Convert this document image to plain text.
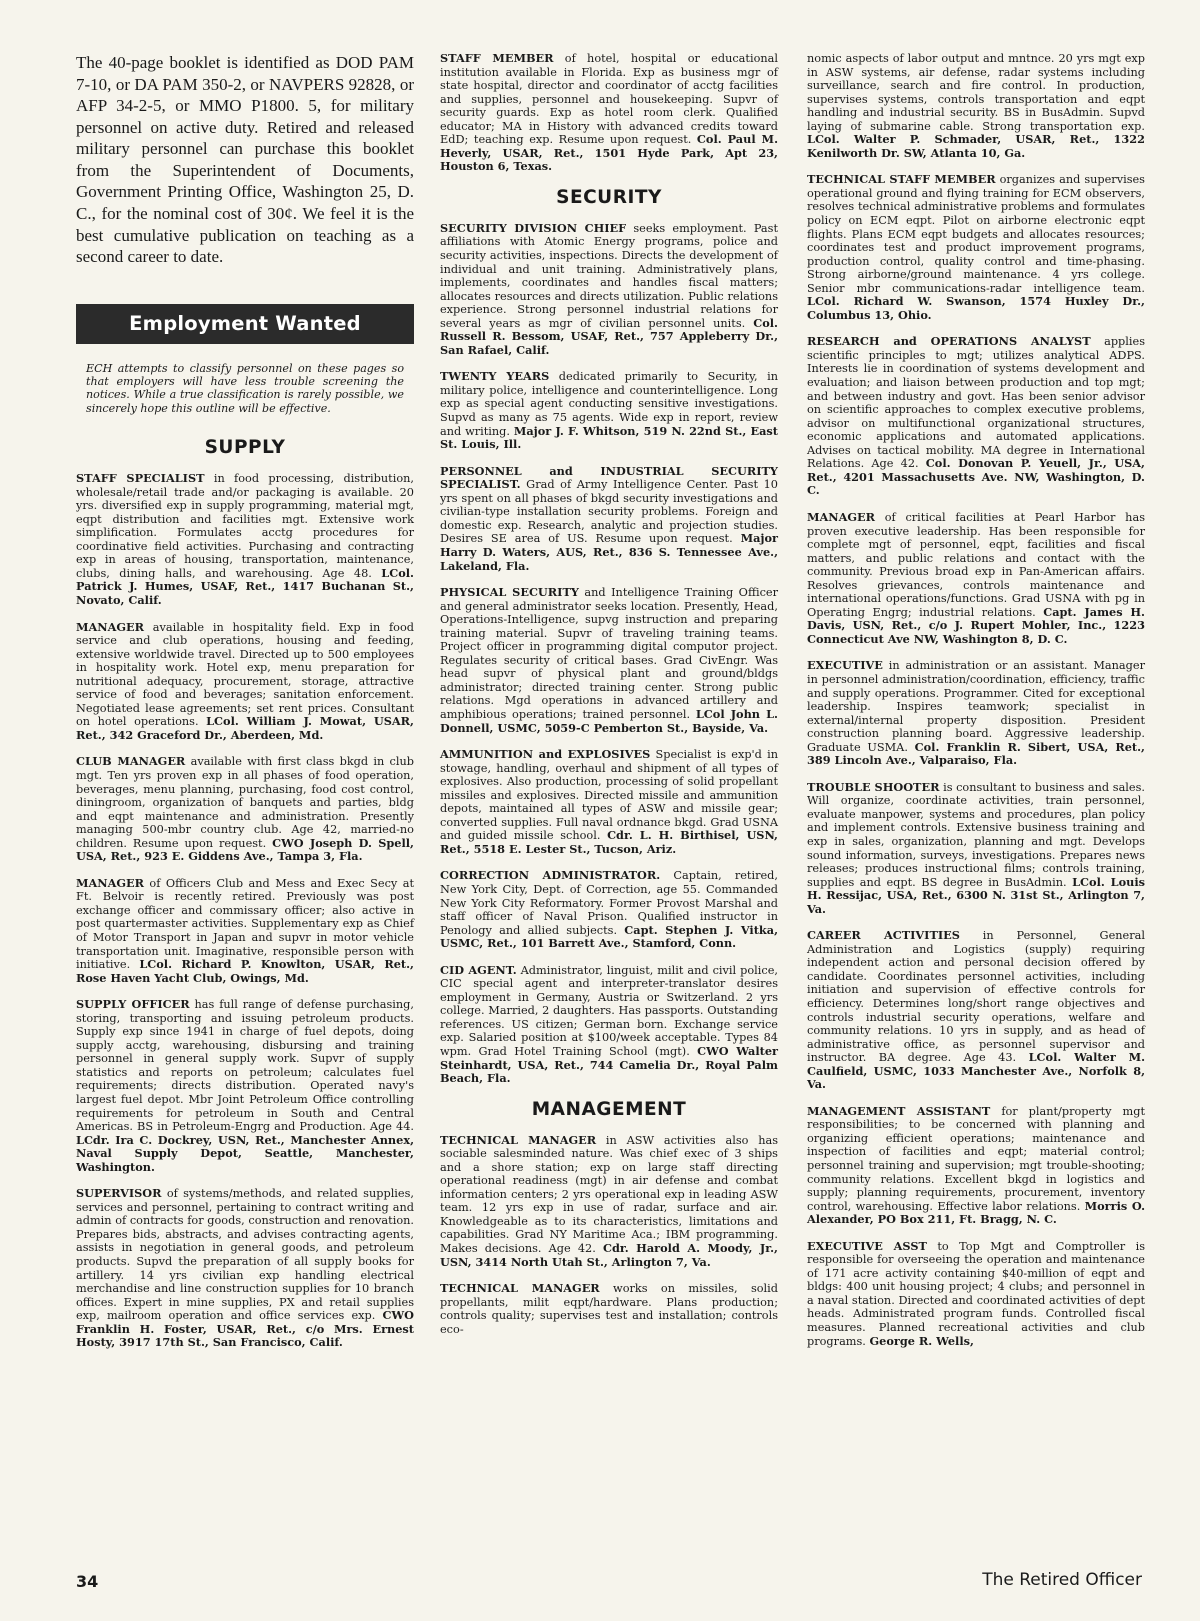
The 40-page booklet is identified as DOD PAM 7-10, or DA PAM 350-2, or NAVPERS 92828, or AFP 34-2-5, or MMO P1800. 5, for military personnel on active duty. Retired and released military personnel can purchase this booklet from the Superintendent of Documents, Government Printing Office, Washington 25, D. C., for the nominal cost of 30¢. We feel it is the best cumulative publication on teaching as a second career to date.

Employment Wanted

ECH attempts to classify personnel on these pages so that employers will have less trouble screening the notices. While a true classification is rarely possible, we sincerely hope this outline will be effective.

SUPPLY

STAFF SPECIALIST in food processing, distribution, wholesale/retail trade and/or packaging is available. 20 yrs. diversified exp in supply programming, material mgt, eqpt distribution and facilities mgt. Extensive work simplification. Formulates acctg procedures for coordinative field activities. Purchasing and contracting exp in areas of housing, transportation, maintenance, clubs, dining halls, and warehousing. Age 48. LCol. Patrick J. Humes, USAF, Ret., 1417 Buchanan St., Novato, Calif.

MANAGER available in hospitality field. Exp in food service and club operations, housing and feeding, extensive worldwide travel. Directed up to 500 employees in hospitality work. Hotel exp, menu preparation for nutritional adequacy, procurement, storage, attractive service of food and beverages; sanitation enforcement. Negotiated lease agreements; set rent prices. Consultant on hotel operations. LCol. William J. Mowat, USAR, Ret., 342 Graceford Dr., Aberdeen, Md.

CLUB MANAGER available with first class bkgd in club mgt. Ten yrs proven exp in all phases of food operation, beverages, menu planning, purchasing, food cost control, diningroom, organization of banquets and parties, bldg and eqpt maintenance and administration. Presently managing 500-mbr country club. Age 42, married-no children. Resume upon request. CWO Joseph D. Spell, USA, Ret., 923 E. Giddens Ave., Tampa 3, Fla.

MANAGER of Officers Club and Mess and Exec Secy at Ft. Belvoir is recently retired. Previously was post exchange officer and commissary officer; also active in post quartermaster activities. Supplementary exp as Chief of Motor Transport in Japan and supvr in motor vehicle transportation unit. Imaginative, responsible person with initiative. LCol. Richard P. Knowlton, USAR, Ret., Rose Haven Yacht Club, Owings, Md.

SUPPLY OFFICER has full range of defense purchasing, storing, transporting and issuing petroleum products. Supply exp since 1941 in charge of fuel depots, doing supply acctg, warehousing, disbursing and training personnel in general supply work. Supvr of supply statistics and reports on petroleum; calculates fuel requirements; directs distribution. Operated navy's largest fuel depot. Mbr Joint Petroleum Office controlling requirements for petroleum in South and Central Americas. BS in Petroleum-Engrg and Production. Age 44. LCdr. Ira C. Dockrey, USN, Ret., Manchester Annex, Naval Supply Depot, Seattle, Manchester, Washington.

SUPERVISOR of systems/methods, and related supplies, services and personnel, pertaining to contract writing and admin of contracts for goods, construction and renovation. Prepares bids, abstracts, and advises contracting agents, assists in negotiation in general goods, and petroleum products. Supvd the preparation of all supply books for artillery. 14 yrs civilian exp handling electrical merchandise and line construction supplies for 10 branch offices. Expert in mine supplies, PX and retail supplies exp, mailroom operation and office services exp. CWO Franklin H. Foster, USAR, Ret., c/o Mrs. Ernest Hosty, 3917 17th St., San Francisco, Calif.

STAFF MEMBER of hotel, hospital or educational institution available in Florida. Exp as business mgr of state hospital, director and coordinator of acctg facilities and supplies, personnel and housekeeping. Supvr of security guards. Exp as hotel room clerk. Qualified educator; MA in History with advanced credits toward EdD; teaching exp. Resume upon request. Col. Paul M. Heverly, USAR, Ret., 1501 Hyde Park, Apt 23, Houston 6, Texas.

SECURITY

SECURITY DIVISION CHIEF seeks employment. Past affiliations with Atomic Energy programs, police and security activities, inspections. Directs the development of individual and unit training. Administratively plans, implements, coordinates and handles fiscal matters; allocates resources and directs utilization. Public relations experience. Strong personnel industrial relations for several years as mgr of civilian personnel units. Col. Russell R. Bessom, USAF, Ret., 757 Appleberry Dr., San Rafael, Calif.

TWENTY YEARS dedicated primarily to Security, in military police, intelligence and counterintelligence. Long exp as special agent conducting sensitive investigations. Supvd as many as 75 agents. Wide exp in report, review and writing. Major J. F. Whitson, 519 N. 22nd St., East St. Louis, Ill.

PERSONNEL and INDUSTRIAL SECURITY SPECIALIST. Grad of Army Intelligence Center. Past 10 yrs spent on all phases of bkgd security investigations and civilian-type installation security problems. Foreign and domestic exp. Research, analytic and projection studies. Desires SE area of US. Resume upon request. Major Harry D. Waters, AUS, Ret., 836 S. Tennessee Ave., Lakeland, Fla.

PHYSICAL SECURITY and Intelligence Training Officer and general administrator seeks location. Presently, Head, Operations-Intelligence, supvg instruction and preparing training material. Supvr of traveling training teams. Project officer in programming digital computor project. Regulates security of critical bases. Grad CivEngr. Was head supvr of physical plant and ground/bldgs administrator; directed training center. Strong public relations. Mgd operations in advanced artillery and amphibious operations; trained personnel. LCol John L. Donnell, USMC, 5059-C Pemberton St., Bayside, Va.

AMMUNITION and EXPLOSIVES Specialist is exp'd in stowage, handling, overhaul and shipment of all types of explosives. Also production, processing of solid propellant missiles and explosives. Directed missile and ammunition depots, maintained all types of ASW and missile gear; converted supplies. Full naval ordnance bkgd. Grad USNA and guided missile school. Cdr. L. H. Birthisel, USN, Ret., 5518 E. Lester St., Tucson, Ariz.

CORRECTION ADMINISTRATOR. Captain, retired, New York City, Dept. of Correction, age 55. Commanded New York City Reformatory. Former Provost Marshal and staff officer of Naval Prison. Qualified instructor in Penology and allied subjects. Capt. Stephen J. Vitka, USMC, Ret., 101 Barrett Ave., Stamford, Conn.

CID AGENT. Administrator, linguist, milit and civil police, CIC special agent and interpreter-translator desires employment in Germany, Austria or Switzerland. 2 yrs college. Married, 2 daughters. Has passports. Outstanding references. US citizen; German born. Exchange service exp. Salaried position at $100/week acceptable. Types 84 wpm. Grad Hotel Training School (mgt). CWO Walter Steinhardt, USA, Ret., 744 Camelia Dr., Royal Palm Beach, Fla.

MANAGEMENT

TECHNICAL MANAGER in ASW activities also has sociable salesminded nature. Was chief exec of 3 ships and a shore station; exp on large staff directing operational readiness (mgt) in air defense and combat information centers; 2 yrs operational exp in leading ASW team. 12 yrs exp in use of radar, surface and air. Knowledgeable as to its characteristics, limitations and capabilities. Grad NY Maritime Aca.; IBM programming. Makes decisions. Age 42. Cdr. Harold A. Moody, Jr., USN, 3414 North Utah St., Arlington 7, Va.

TECHNICAL MANAGER works on missiles, solid propellants, milit eqpt/hardware. Plans production; controls quality; supervises test and installation; controls eco-

nomic aspects of labor output and mntnce. 20 yrs mgt exp in ASW systems, air defense, radar systems including surveillance, search and fire control. In production, supervises systems, controls transportation and eqpt handling and industrial security. BS in BusAdmin. Supvd laying of submarine cable. Strong transportation exp. LCol. Walter P. Schmader, USAR, Ret., 1322 Kenilworth Dr. SW, Atlanta 10, Ga.

TECHNICAL STAFF MEMBER organizes and supervises operational ground and flying training for ECM observers, resolves technical administrative problems and formulates policy on ECM eqpt. Pilot on airborne electronic eqpt flights. Plans ECM eqpt budgets and allocates resources; coordinates test and product improvement programs, production control, quality control and time-phasing. Strong airborne/ground maintenance. 4 yrs college. Senior mbr communications-radar intelligence team. LCol. Richard W. Swanson, 1574 Huxley Dr., Columbus 13, Ohio.

RESEARCH and OPERATIONS ANALYST applies scientific principles to mgt; utilizes analytical ADPS. Interests lie in coordination of systems development and evaluation; and liaison between production and top mgt; and between industry and govt. Has been senior advisor on scientific approaches to complex executive problems, advisor on multifunctional organizational structures, economic applications and automated applications. Advises on tactical mobility. MA degree in International Relations. Age 42. Col. Donovan P. Yeuell, Jr., USA, Ret., 4201 Massachusetts Ave. NW, Washington, D. C.

MANAGER of critical facilities at Pearl Harbor has proven executive leadership. Has been responsible for complete mgt of personnel, eqpt, facilities and fiscal matters, and public relations and contact with the community. Previous broad exp in Pan-American affairs. Resolves grievances, controls maintenance and international operations/functions. Grad USNA with pg in Operating Engrg; industrial relations. Capt. James H. Davis, USN, Ret., c/o J. Rupert Mohler, Inc., 1223 Connecticut Ave NW, Washington 8, D. C.

EXECUTIVE in administration or an assistant. Manager in personnel administration/coordination, efficiency, traffic and supply operations. Programmer. Cited for exceptional leadership. Inspires teamwork; specialist in external/internal property disposition. President construction planning board. Aggressive leadership. Graduate USMA. Col. Franklin R. Sibert, USA, Ret., 389 Lincoln Ave., Valparaiso, Fla.

TROUBLE SHOOTER is consultant to business and sales. Will organize, coordinate activities, train personnel, evaluate manpower, systems and procedures, plan policy and implement controls. Extensive business training and exp in sales, organization, planning and mgt. Develops sound information, surveys, investigations. Prepares news releases; produces instructional films; controls training, supplies and eqpt. BS degree in BusAdmin. LCol. Louis H. Ressijac, USA, Ret., 6300 N. 31st St., Arlington 7, Va.

CAREER ACTIVITIES in Personnel, General Administration and Logistics (supply) requiring independent action and personal decision offered by candidate. Coordinates personnel activities, including initiation and supervision of effective controls for efficiency. Determines long/short range objectives and controls industrial security operations, welfare and community relations. 10 yrs in supply, and as head of administrative office, as personnel supervisor and instructor. BA degree. Age 43. LCol. Walter M. Caulfield, USMC, 1033 Manchester Ave., Norfolk 8, Va.

MANAGEMENT ASSISTANT for plant/property mgt responsibilities; to be concerned with planning and organizing efficient operations; maintenance and inspection of facilities and eqpt; material control; personnel training and supervision; mgt trouble-shooting; community relations. Excellent bkgd in logistics and supply; planning requirements, procurement, inventory control, warehousing. Effective labor relations. Morris O. Alexander, PO Box 211, Ft. Bragg, N. C.

EXECUTIVE ASST to Top Mgt and Comptroller is responsible for overseeing the operation and maintenance of 171 acre activity containing $40-million of eqpt and bldgs: 400 unit housing project; 4 clubs; and personnel in a naval station. Directed and coordinated activities of dept heads. Administrated program funds. Controlled fiscal measures. Planned recreational activities and club programs. George R. Wells,

34	The Retired Officer
